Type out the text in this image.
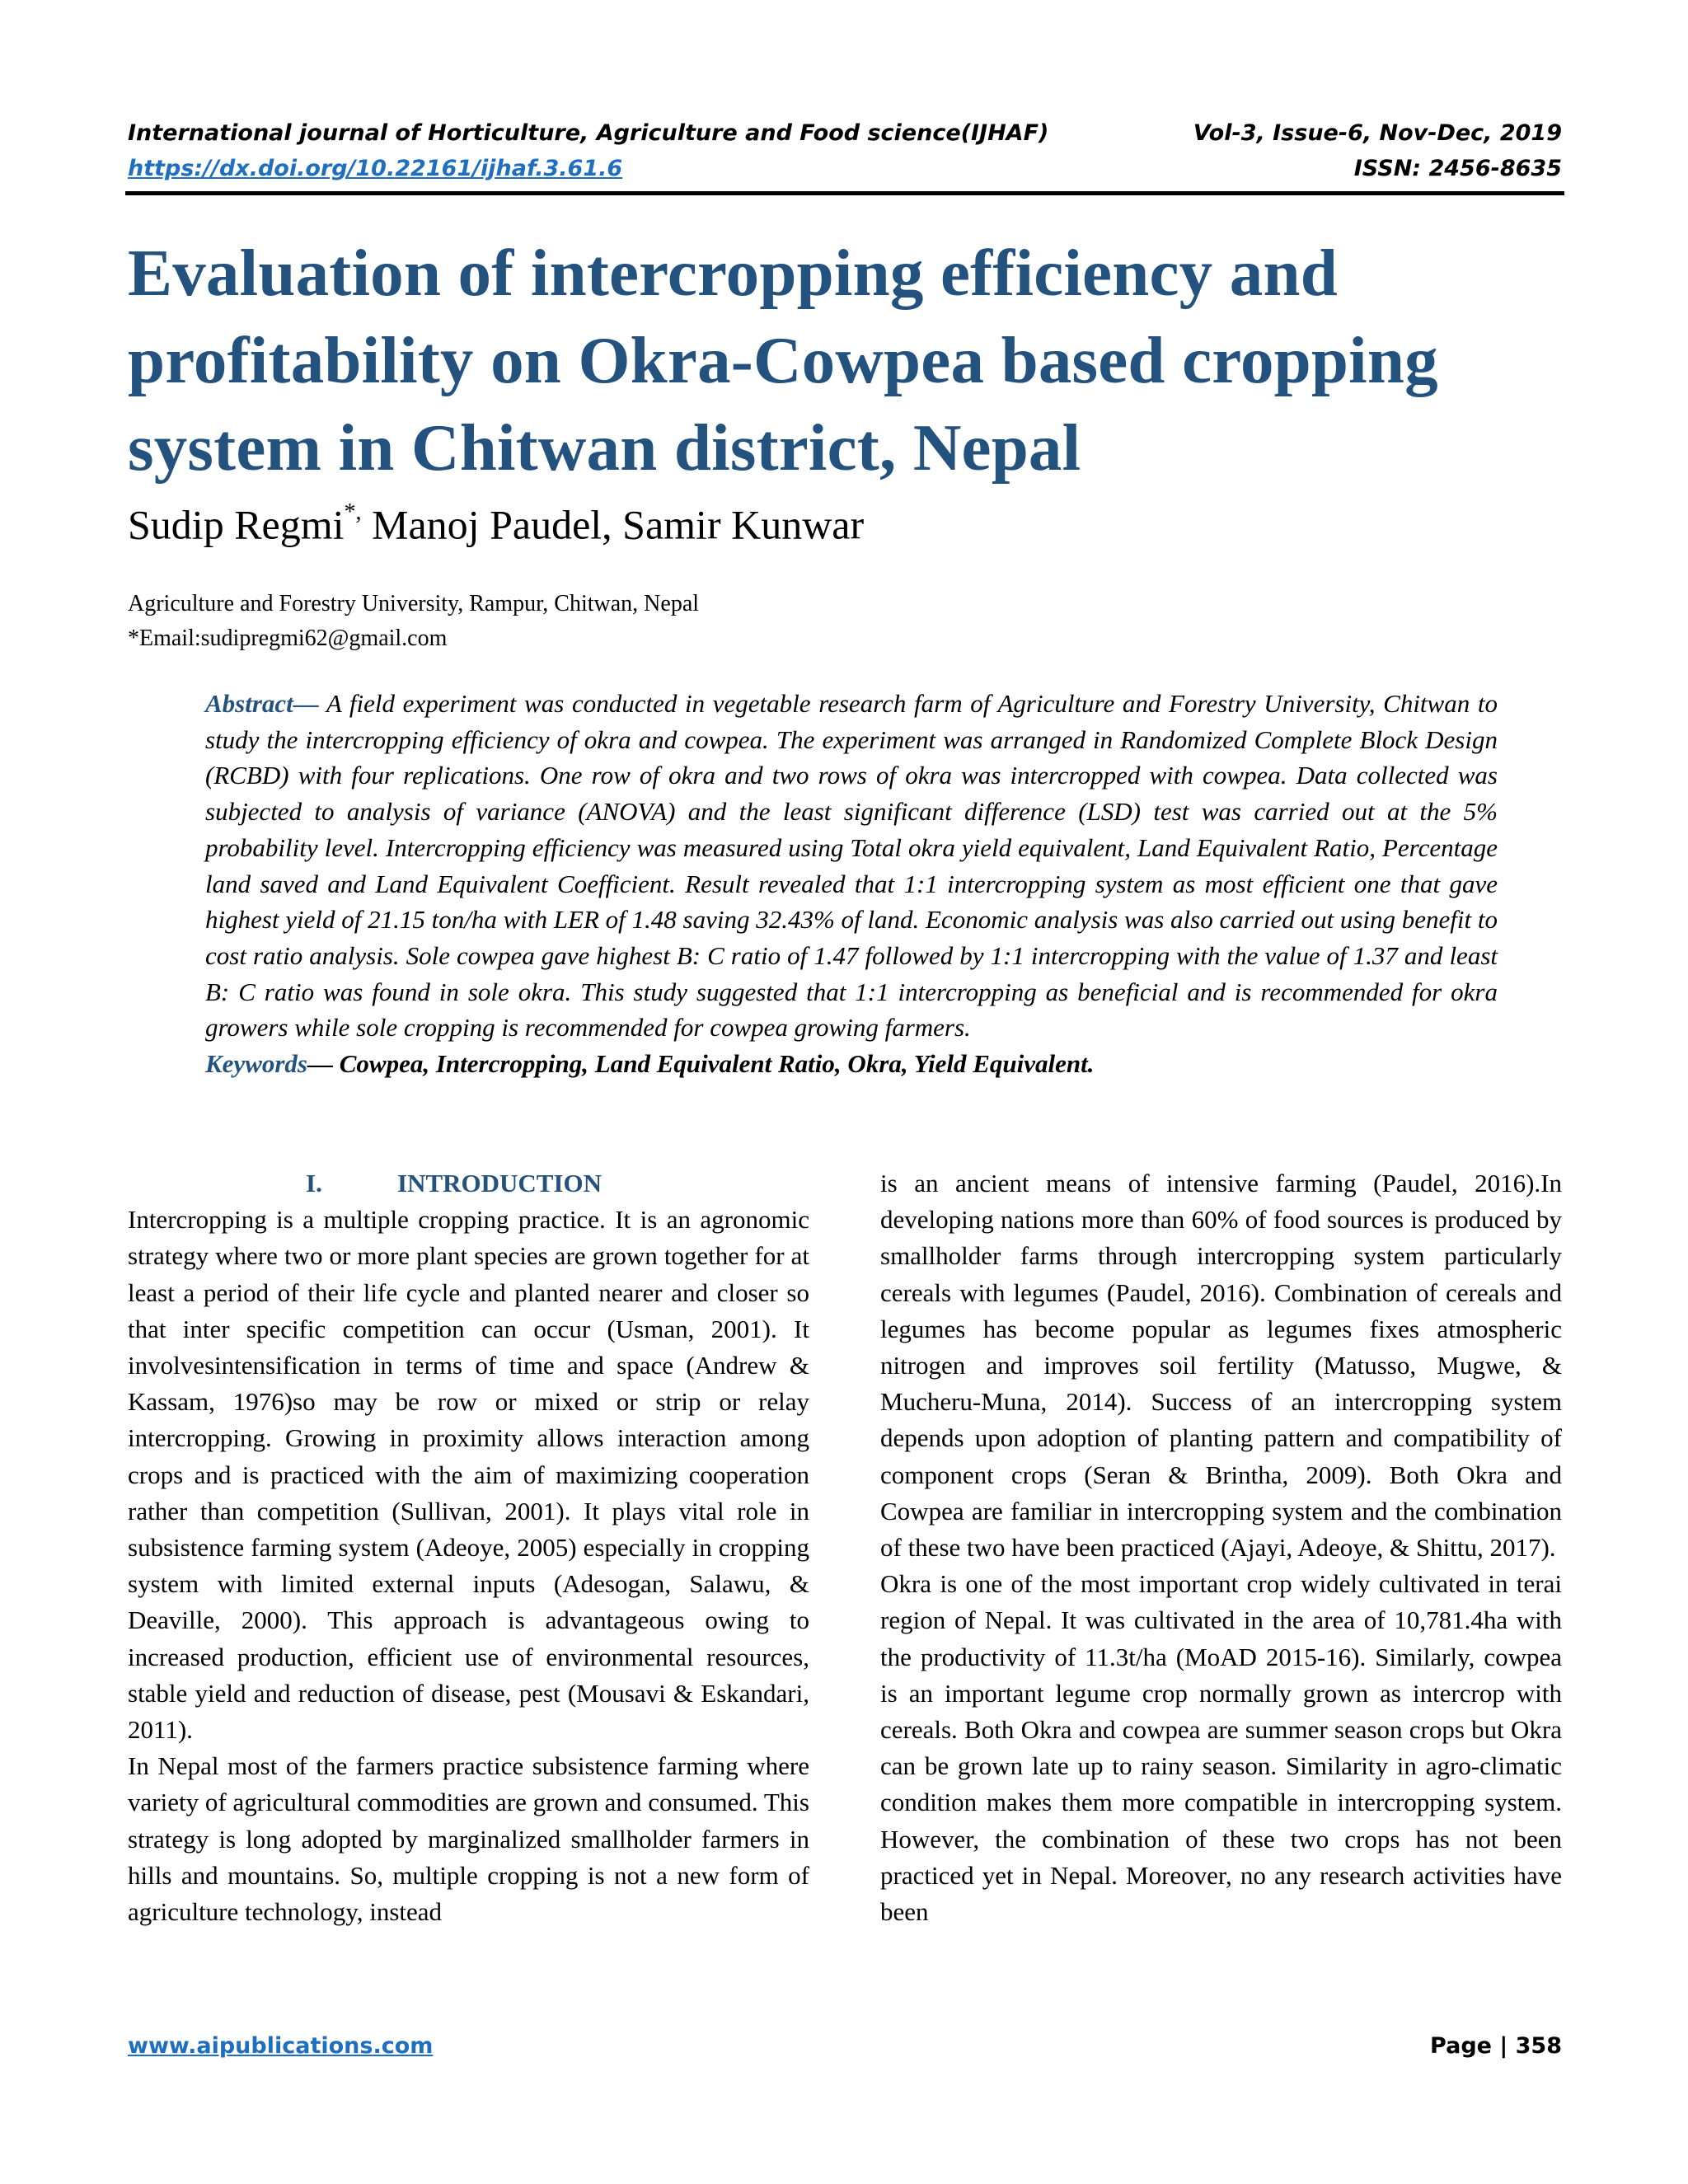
International journal of Horticulture, Agriculture and Food science(IJHAF)	Vol-3, Issue-6, Nov-Dec, 2019
https://dx.doi.org/10.22161/ijhaf.3.61.6	ISSN: 2456-8635
Evaluation of intercropping efficiency and profitability on Okra-Cowpea based cropping system in Chitwan district, Nepal
Sudip Regmi*, Manoj Paudel, Samir Kunwar
Agriculture and Forestry University, Rampur, Chitwan, Nepal
*Email:sudipregmi62@gmail.com
Abstract— A field experiment was conducted in vegetable research farm of Agriculture and Forestry University, Chitwan to study the intercropping efficiency of okra and cowpea. The experiment was arranged in Randomized Complete Block Design (RCBD) with four replications. One row of okra and two rows of okra was intercropped with cowpea. Data collected was subjected to analysis of variance (ANOVA) and the least significant difference (LSD) test was carried out at the 5% probability level. Intercropping efficiency was measured using Total okra yield equivalent, Land Equivalent Ratio, Percentage land saved and Land Equivalent Coefficient. Result revealed that 1:1 intercropping system as most efficient one that gave highest yield of 21.15 ton/ha with LER of 1.48 saving 32.43% of land. Economic analysis was also carried out using benefit to cost ratio analysis. Sole cowpea gave highest B: C ratio of 1.47 followed by 1:1 intercropping with the value of 1.37 and least B: C ratio was found in sole okra. This study suggested that 1:1 intercropping as beneficial and is recommended for okra growers while sole cropping is recommended for cowpea growing farmers.
Keywords— Cowpea, Intercropping, Land Equivalent Ratio, Okra, Yield Equivalent.
I.	INTRODUCTION

Intercropping is a multiple cropping practice. It is an agronomic strategy where two or more plant species are grown together for at least a period of their life cycle and planted nearer and closer so that inter specific competition can occur (Usman, 2001). It involvesintensification in terms of time and space (Andrew & Kassam, 1976)so may be row or mixed or strip or relay intercropping. Growing in proximity allows interaction among crops and is practiced with the aim of maximizing cooperation rather than competition (Sullivan, 2001). It plays vital role in subsistence farming system (Adeoye, 2005) especially in cropping system with limited external inputs (Adesogan, Salawu, & Deaville, 2000). This approach is advantageous owing to increased production, efficient use of environmental resources, stable yield and reduction of disease, pest (Mousavi & Eskandari, 2011).

In Nepal most of the farmers practice subsistence farming where variety of agricultural commodities are grown and consumed. This strategy is long adopted by marginalized smallholder farmers in hills and mountains. So, multiple cropping is not a new form of agriculture technology, instead

is an ancient means of intensive farming (Paudel, 2016).In developing nations more than 60% of food sources is produced by smallholder farms through intercropping system particularly cereals with legumes (Paudel, 2016). Combination of cereals and legumes has become popular as legumes fixes atmospheric nitrogen and improves soil fertility (Matusso, Mugwe, & Mucheru-Muna, 2014). Success of an intercropping system depends upon adoption of planting pattern and compatibility of component crops (Seran & Brintha, 2009). Both Okra and Cowpea are familiar in intercropping system and the combination of these two have been practiced (Ajayi, Adeoye, & Shittu, 2017).

Okra is one of the most important crop widely cultivated in terai region of Nepal. It was cultivated in the area of 10,781.4ha with the productivity of 11.3t/ha (MoAD 2015-16). Similarly, cowpea is an important legume crop normally grown as intercrop with cereals. Both Okra and cowpea are summer season crops but Okra can be grown late up to rainy season. Similarity in agro-climatic condition makes them more compatible in intercropping system. However, the combination of these two crops has not been practiced yet in Nepal. Moreover, no any research activities have been

www.aipublications.com	Page | 358
